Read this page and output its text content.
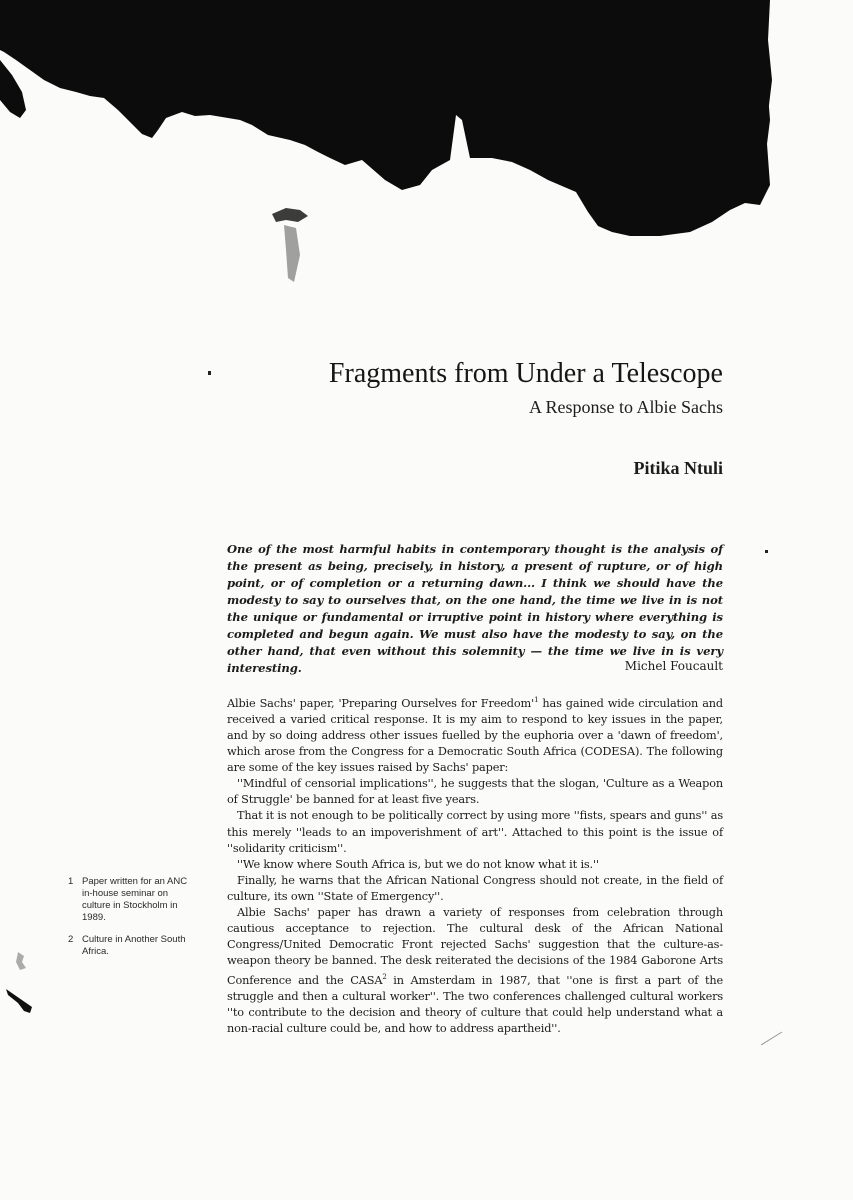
Fragments from Under a Telescope
A Response to Albie Sachs
Pitika Ntuli

One of the most harmful habits in contemporary thought is the analysis of the present as being, precisely, in history, a present of rupture, or of high point, or of completion or a returning dawn... I think we should have the modesty to say to ourselves that, on the one hand, the time we live in is not the unique or fundamental or irruptive point in history where everything is completed and begun again. We must also have the modesty to say, on the other hand, that even without this solemnity — the time we live in is very interesting.	Michel Foucault

Albie Sachs' paper, 'Preparing Ourselves for $Freedom'^1$ has gained wide circulation and received a varied critical response. It is my aim to respond to key issues in the paper, and by so doing address other issues fuelled by the euphoria over a 'dawn of freedom', which arose from the Congress for a Democratic South Africa (CODESA). The following are some of the key issues raised by Sachs' paper:

''Mindful of censorial implications'', he suggests that the slogan, 'Culture as a Weapon of Struggle' be banned for at least five years.

That it is not enough to be politically correct by using more ''fists, spears and guns'' as this merely ''leads to an impoverishment of art''. Attached to this point is the issue of ''solidarity criticism''.

''We know where South Africa is, but we do not know what it is.''

Finally, he warns that the African National Congress should not create, in the field of culture, its own ''State of Emergency''.

Albie Sachs' paper has drawn a variety of responses from celebration through cautious acceptance to rejection. The cultural desk of the African National Congress/United Democratic Front rejected Sachs' suggestion that the culture-as-weapon theory be banned. The desk reiterated the decisions of the 1984 Gaborone Arts Conference and the CASA$^2$ in Amsterdam in 1987, that ''one is first a part of the struggle and then a cultural worker''. The two conferences challenged cultural workers ''to contribute to the decision and theory of culture that could help understand what a non-racial culture could be, and how to address apartheid''.

1 Paper written for an ANC in-house seminar on culture in Stockholm in 1989.
2 Culture in Another South Africa.
